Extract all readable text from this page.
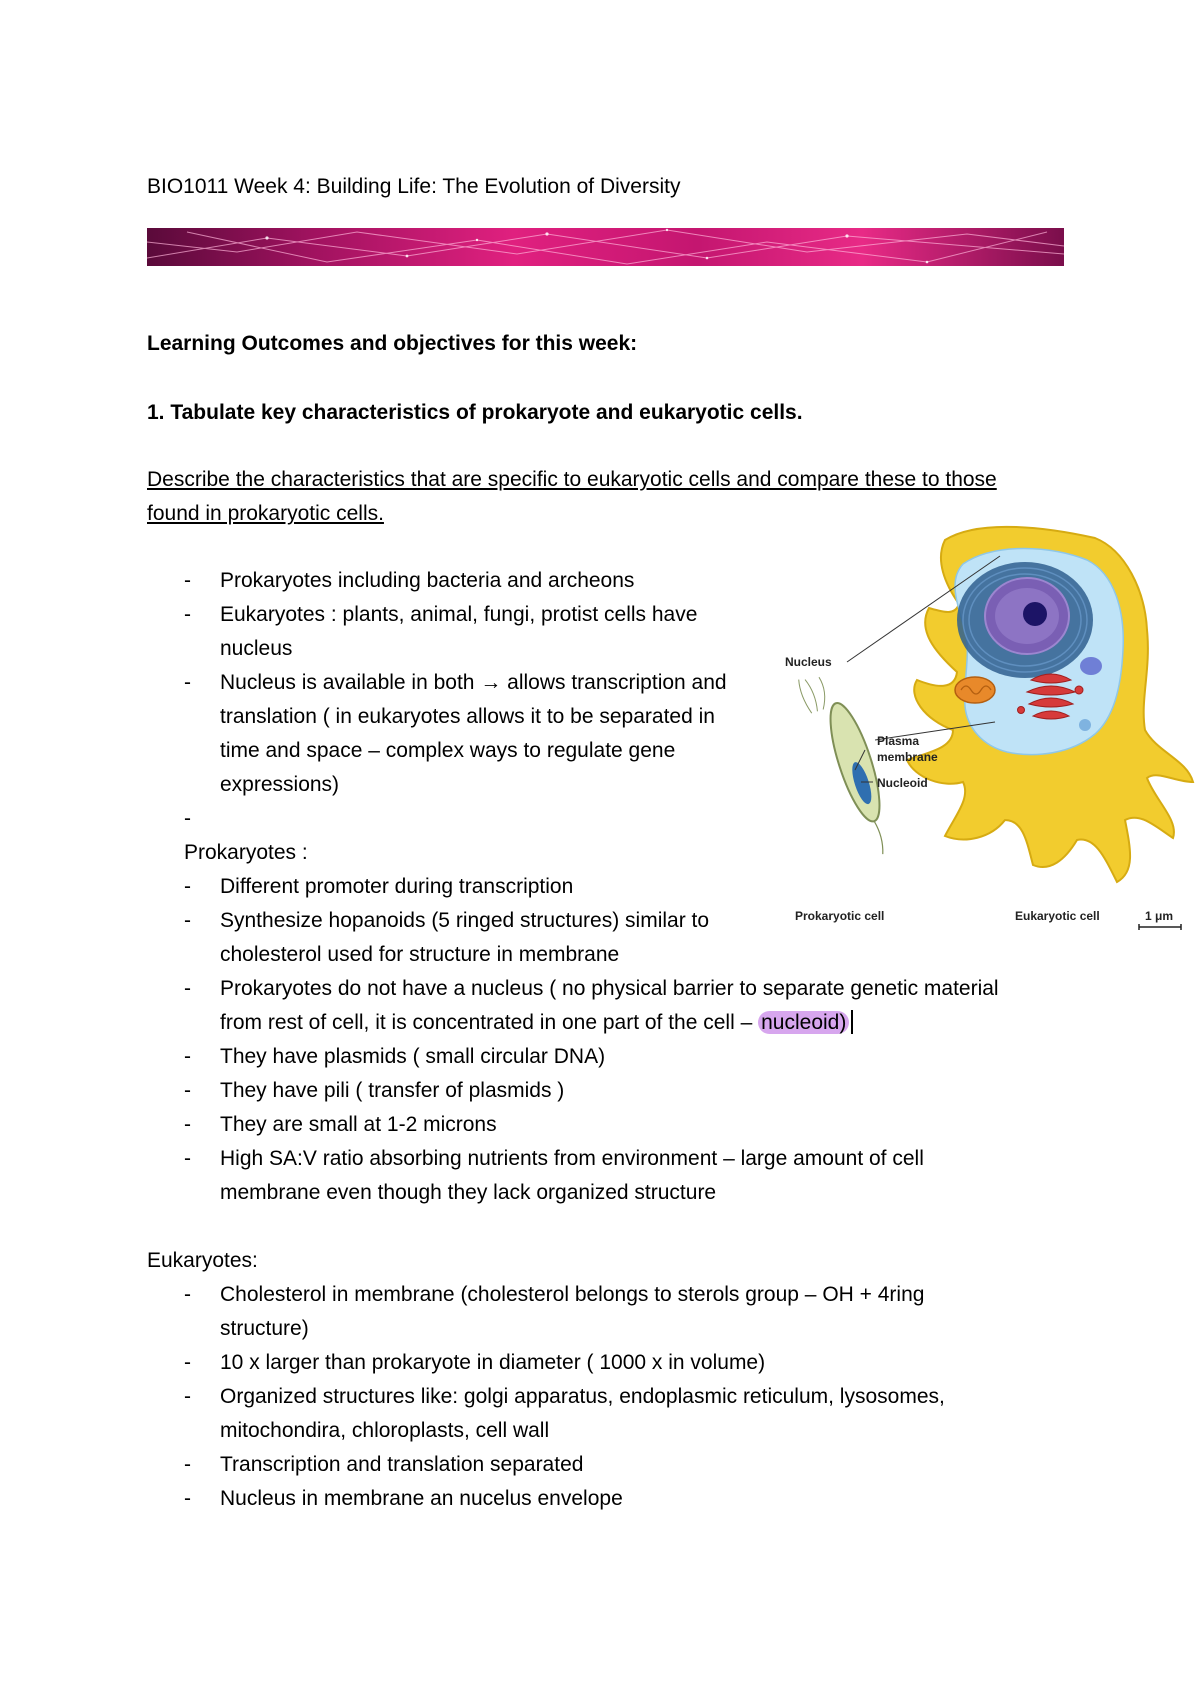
BIO1011 Week 4: Building Life: The Evolution of Diversity
Learning Outcomes and objectives for this week:
1. Tabulate key characteristics of prokaryote and eukaryotic cells.
Describe the characteristics that are specific to eukaryotic cells and compare these to those
found in prokaryotic cells.
- Prokaryotes including bacteria and archeons
- Eukaryotes : plants, animal, fungi, protist cells have
nucleus
- Nucleus is available in both → allows transcription and
translation ( in eukaryotes allows it to be separated in
time and space – complex ways to regulate gene
expressions)
-
Prokaryotes :
- Different promoter during transcription
- Synthesize hopanoids (5 ringed structures) similar to
cholesterol used for structure in membrane
- Prokaryotes do not have a nucleus ( no physical barrier to separate genetic material
from rest of cell, it is concentrated in one part of the cell – nucleoid)
- They have plasmids ( small circular DNA)
- They have pili ( transfer of plasmids )
- They are small at 1-2 microns
- High SA:V ratio absorbing nutrients from environment – large amount of cell
membrane even though they lack organized structure
Eukaryotes:
- Cholesterol in membrane (cholesterol belongs to sterols group – OH + 4ring
structure)
- 10 x larger than prokaryote in diameter ( 1000 x in volume)
- Organized structures like: golgi apparatus, endoplasmic reticulum, lysosomes,
mitochondira, chloroplasts, cell wall
- Transcription and translation separated
- Nucleus in membrane an nucelus envelope
Nucleus
Plasma
membrane
Nucleoid
Prokaryotic cell	Eukaryotic cell	1 μm
